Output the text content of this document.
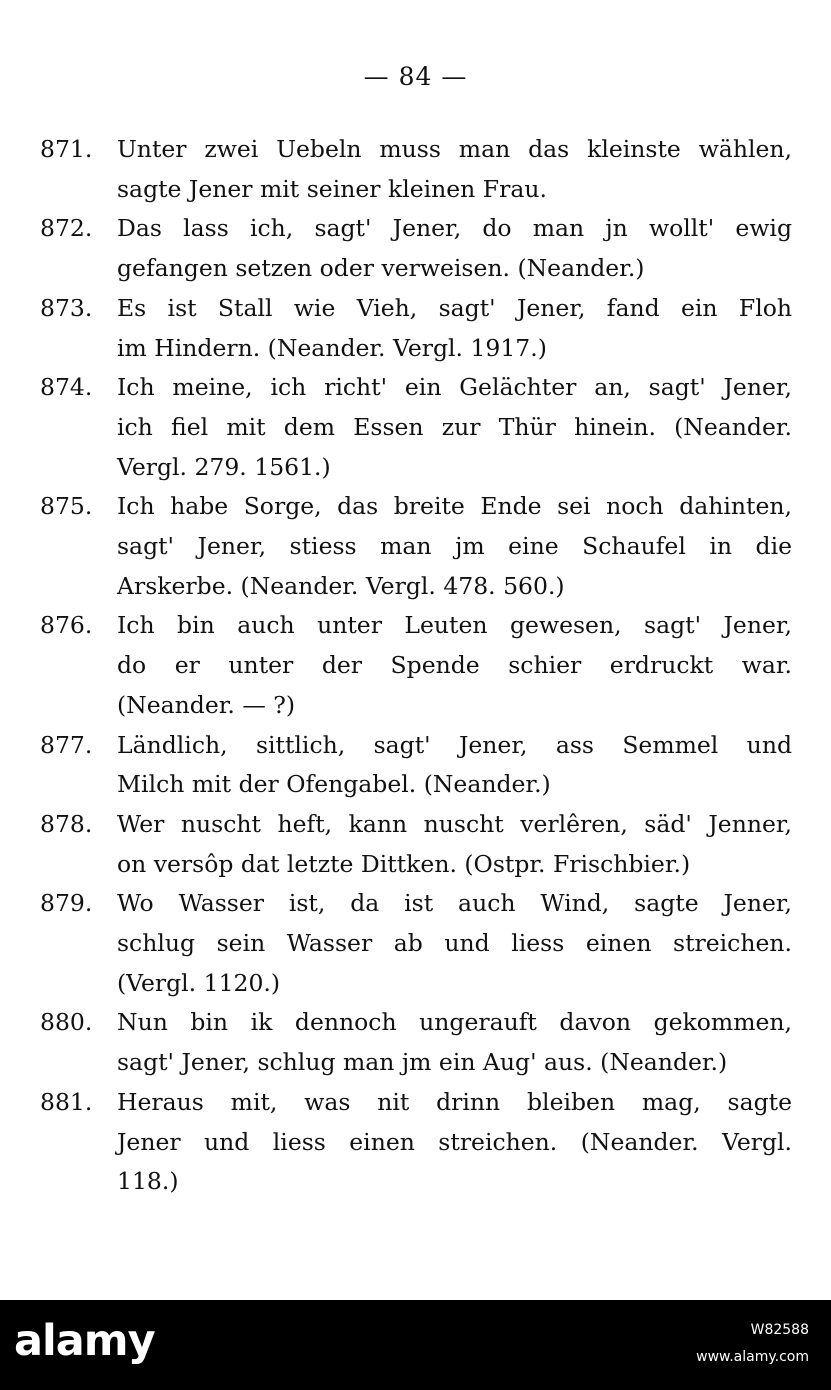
— 84 —
871.	Unter zwei Uebeln muss man das kleinste wählen,
sagte Jener mit seiner kleinen Frau.
872.	Das lass ich, sagt' Jener, do man jn wollt' ewig
gefangen setzen oder verweisen. (Neander.)
873.	Es ist Stall wie Vieh, sagt' Jener, fand ein Floh
im Hindern. (Neander. Vergl. 1917.)
874.	Ich meine, ich richt' ein Gelächter an, sagt' Jener,
ich fiel mit dem Essen zur Thür hinein. (Neander.
Vergl. 279. 1561.)
875.	Ich habe Sorge, das breite Ende sei noch dahinten,
sagt' Jener, stiess man jm eine Schaufel in die
Arskerbe. (Neander. Vergl. 478. 560.)
876.	Ich bin auch unter Leuten gewesen, sagt' Jener,
do er unter der Spende schier erdruckt war.
(Neander. — ?)
877.	Ländlich, sittlich, sagt' Jener, ass Semmel und
Milch mit der Ofengabel. (Neander.)
878.	Wer nuscht heft, kann nuscht verlêren, säd' Jenner,
on versôp dat letzte Dittken. (Ostpr. Frischbier.)
879.	Wo Wasser ist, da ist auch Wind, sagte Jener,
schlug sein Wasser ab und liess einen streichen.
(Vergl. 1120.)
880.	Nun bin ik dennoch ungerauft davon gekommen,
sagt' Jener, schlug man jm ein Aug' aus. (Neander.)
881.	Heraus mit, was nit drinn bleiben mag, sagte
Jener und liess einen streichen. (Neander. Vergl.
118.)
alamy	W82588
www.alamy.com
